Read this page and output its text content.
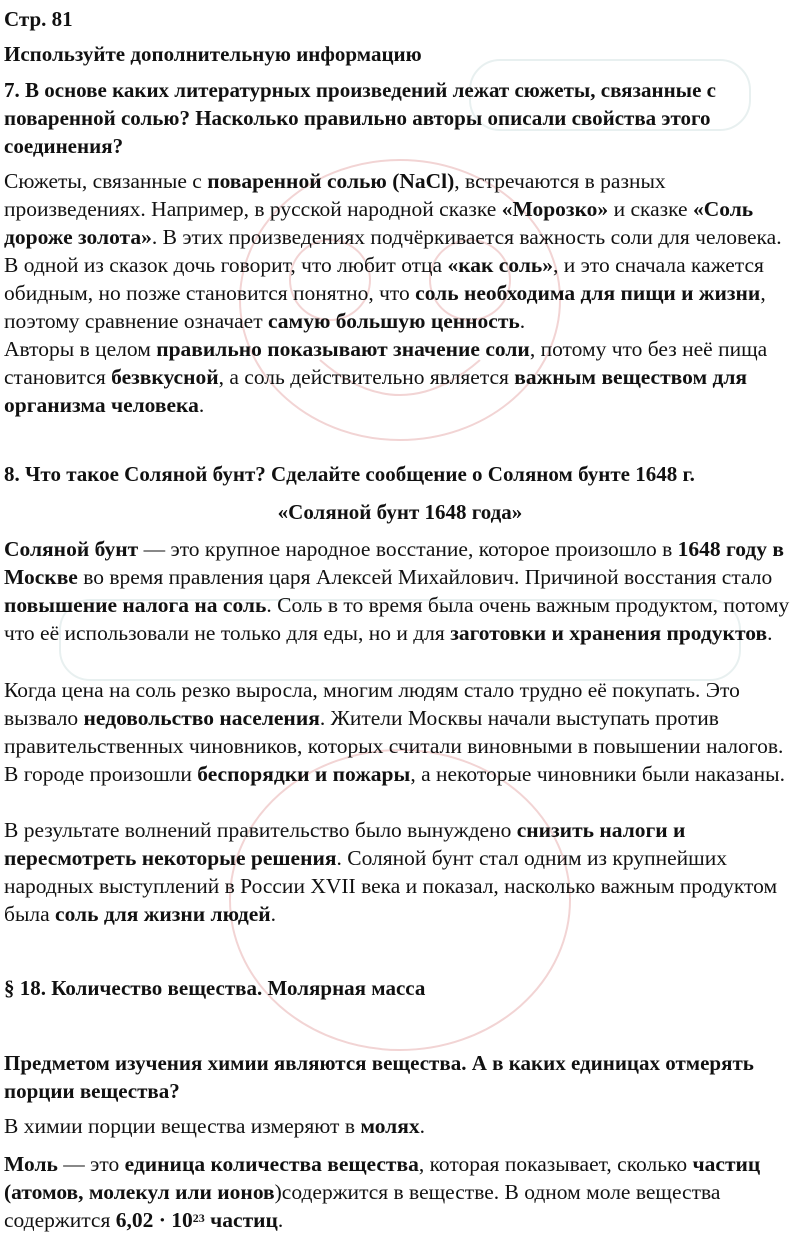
Стр. 81

Используйте дополнительную информацию

7. В основе каких литературных произведений лежат сюжеты, связанные с поваренной солью? Насколько правильно авторы описали свойства этого соединения?

Сюжеты, связанные с поваренной солью (NaCl), встречаются в разных произведениях. Например, в русской народной сказке «Морозко» и сказке «Соль дороже золота». В этих произведениях подчёркивается важность соли для человека. В одной из сказок дочь говорит, что любит отца «как соль», и это сначала кажется обидным, но позже становится понятно, что соль необходима для пищи и жизни, поэтому сравнение означает самую большую ценность.

Авторы в целом правильно показывают значение соли, потому что без неё пища становится безвкусной, а соль действительно является важным веществом для организма человека.

8. Что такое Соляной бунт? Сделайте сообщение о Соляном бунте 1648 г.

«Соляной бунт 1648 года»

Соляной бунт — это крупное народное восстание, которое произошло в 1648 году в Москве во время правления царя Алексей Михайлович. Причиной восстания стало повышение налога на соль. Соль в то время была очень важным продуктом, потому что её использовали не только для еды, но и для заготовки и хранения продуктов.

Когда цена на соль резко выросла, многим людям стало трудно её покупать. Это вызвало недовольство населения. Жители Москвы начали выступать против правительственных чиновников, которых считали виновными в повышении налогов. В городе произошли беспорядки и пожары, а некоторые чиновники были наказаны.

В результате волнений правительство было вынуждено снизить налоги и пересмотреть некоторые решения. Соляной бунт стал одним из крупнейших народных выступлений в России XVII века и показал, насколько важным продуктом была соль для жизни людей.

§ 18. Количество вещества. Молярная масса

Предметом изучения химии являются вещества. А в каких единицах отмерять порции вещества?

В химии порции вещества измеряют в молях.

Моль — это единица количества вещества, которая показывает, сколько частиц (атомов, молекул или ионов)содержится в веществе. В одном моле вещества содержится $6,02 \cdot 10^{23}$ частиц.
